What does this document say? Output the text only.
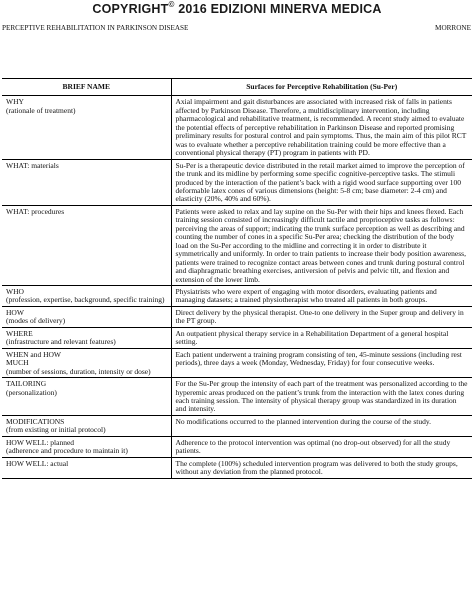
COPYRIGHT© 2016 EDIZIONI MINERVA MEDICA
PERCEPTIVE REHABILITATION IN PARKINSON DISEASE	MORRONE
BRIEF NAME	Surfaces for Perceptive Rehabilitation (Su-Per)
WHY
(rationale of treatment)	Axial impairment and gait disturbances are associated with increased risk of falls in patients affected by Parkinson Disease. Therefore, a multidisciplinary intervention, including pharmacological and rehabilitative treatment, is recommended. A recent study aimed to evaluate the potential effects of perceptive rehabilitation in Parkinson Disease and reported promising preliminary results for postural control and pain symptoms. Thus, the main aim of this pilot RCT was to evaluate whether a perceptive rehabilitation training could be more effective than a conventional physical therapy (PT) program in patients with PD.
WHAT: materials	Su-Per is a therapeutic device distributed in the retail market aimed to improve the perception of the trunk and its midline by performing some specific cognitive-perceptive tasks. The stimuli produced by the interaction of the patient’s back with a rigid wood surface supporting over 100 deformable latex cones of various dimensions (height: 5-8 cm; base diameter: 2-4 cm) and elasticity (20%, 40% and 60%).
WHAT: procedures	Patients were asked to relax and lay supine on the Su-Per with their hips and knees flexed. Each training session consisted of increasingly difficult tactile and proprioceptive tasks as follows: perceiving the areas of support; indicating the trunk surface perception as well as describing and counting the number of cones in a specific Su-Per area; checking the distribution of the body load on the Su-Per according to the midline and correcting it in order to distribute it symmetrically and uniformly. In order to train patients to increase their body position awareness, patients were trained to recognize contact areas between cones and trunk during postural control and diaphragmatic breathing exercises, antiversion of pelvis and pelvic tilt, and flexion and extension of the lower limb.
WHO
(profession, expertise, background, specific training)	Physiatrists who were expert of engaging with motor disorders, evaluating patients and managing datasets; a trained physiotherapist who treated all patients in both groups.
HOW
(modes of delivery)	Direct delivery by the physical therapist. One-to one delivery in the Super group and delivery in the PT group.
WHERE
(infrastructure and relevant features)	An outpatient physical therapy service in a Rehabilitation Department of a general hospital setting.
WHEN and HOW
MUCH
(number of sessions, duration, intensity or dose)	Each patient underwent a training program consisting of ten, 45-minute sessions (including rest periods), three days a week (Monday, Wednesday, Friday) for four consecutive weeks.
TAILORING
(personalization)	For the Su-Per group the intensity of each part of the treatment was personalized according to the hyperemic areas produced on the patient’s trunk from the interaction with the latex cones during each training session. The intensity of physical therapy group was standardized in its duration and intensity.
MODIFICATIONS
(from existing or initial protocol)	No modifications occurred to the planned intervention during the course of the study.
HOW WELL: planned
(adherence and procedure to maintain it)	Adherence to the protocol intervention was optimal (no drop-out observed) for all the study patients.
HOW WELL: actual	The complete (100%) scheduled intervention program was delivered to both the study groups, without any deviation from the planned protocol.
